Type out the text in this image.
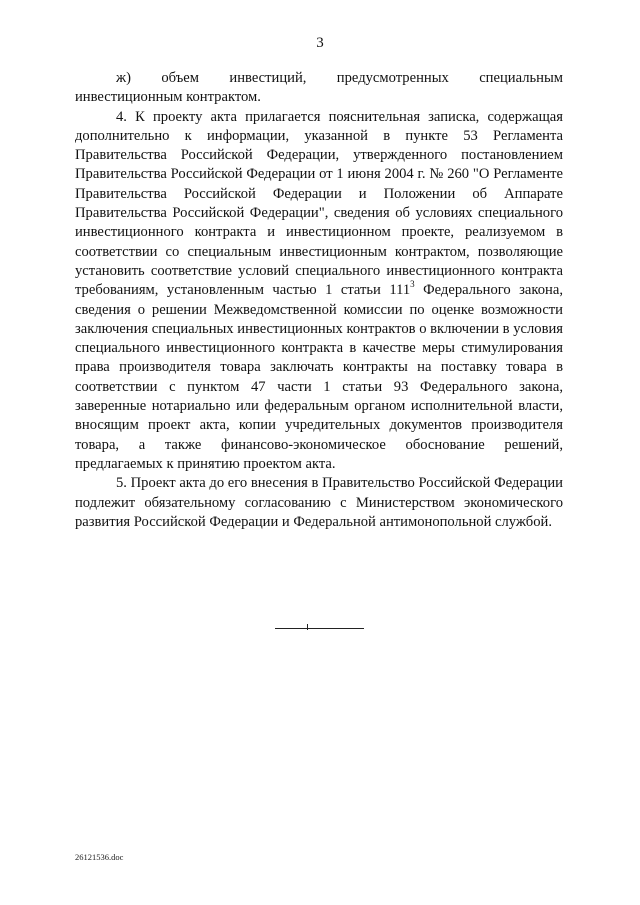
3

ж) объем инвестиций, предусмотренных специальным инвестиционным контрактом.

4. К проекту акта прилагается пояснительная записка, содержащая дополнительно к информации, указанной в пункте 53 Регламента Правительства Российской Федерации, утвержденного постановлением Правительства Российской Федерации от 1 июня 2004 г. № 260 "О Регламенте Правительства Российской Федерации и Положении об Аппарате Правительства Российской Федерации", сведения об условиях специального инвестиционного контракта и инвестиционном проекте, реализуемом в соответствии со специальным инвестиционным контрактом, позволяющие установить соответствие условий специального инвестиционного контракта требованиям, установленным частью 1 статьи $111^3$ Федерального закона, сведения о решении Межведомственной комиссии по оценке возможности заключения специальных инвестиционных контрактов о включении в условия специального инвестиционного контракта в качестве меры стимулирования права производителя товара заключать контракты на поставку товара в соответствии с пунктом 47 части 1 статьи 93 Федерального закона, заверенные нотариально или федеральным органом исполнительной власти, вносящим проект акта, копии учредительных документов производителя товара, а также финансово-экономическое обоснование решений, предлагаемых к принятию проектом акта.

5. Проект акта до его внесения в Правительство Российской Федерации подлежит обязательному согласованию с Министерством экономического развития Российской Федерации и Федеральной антимонопольной службой.

26121536.doc
